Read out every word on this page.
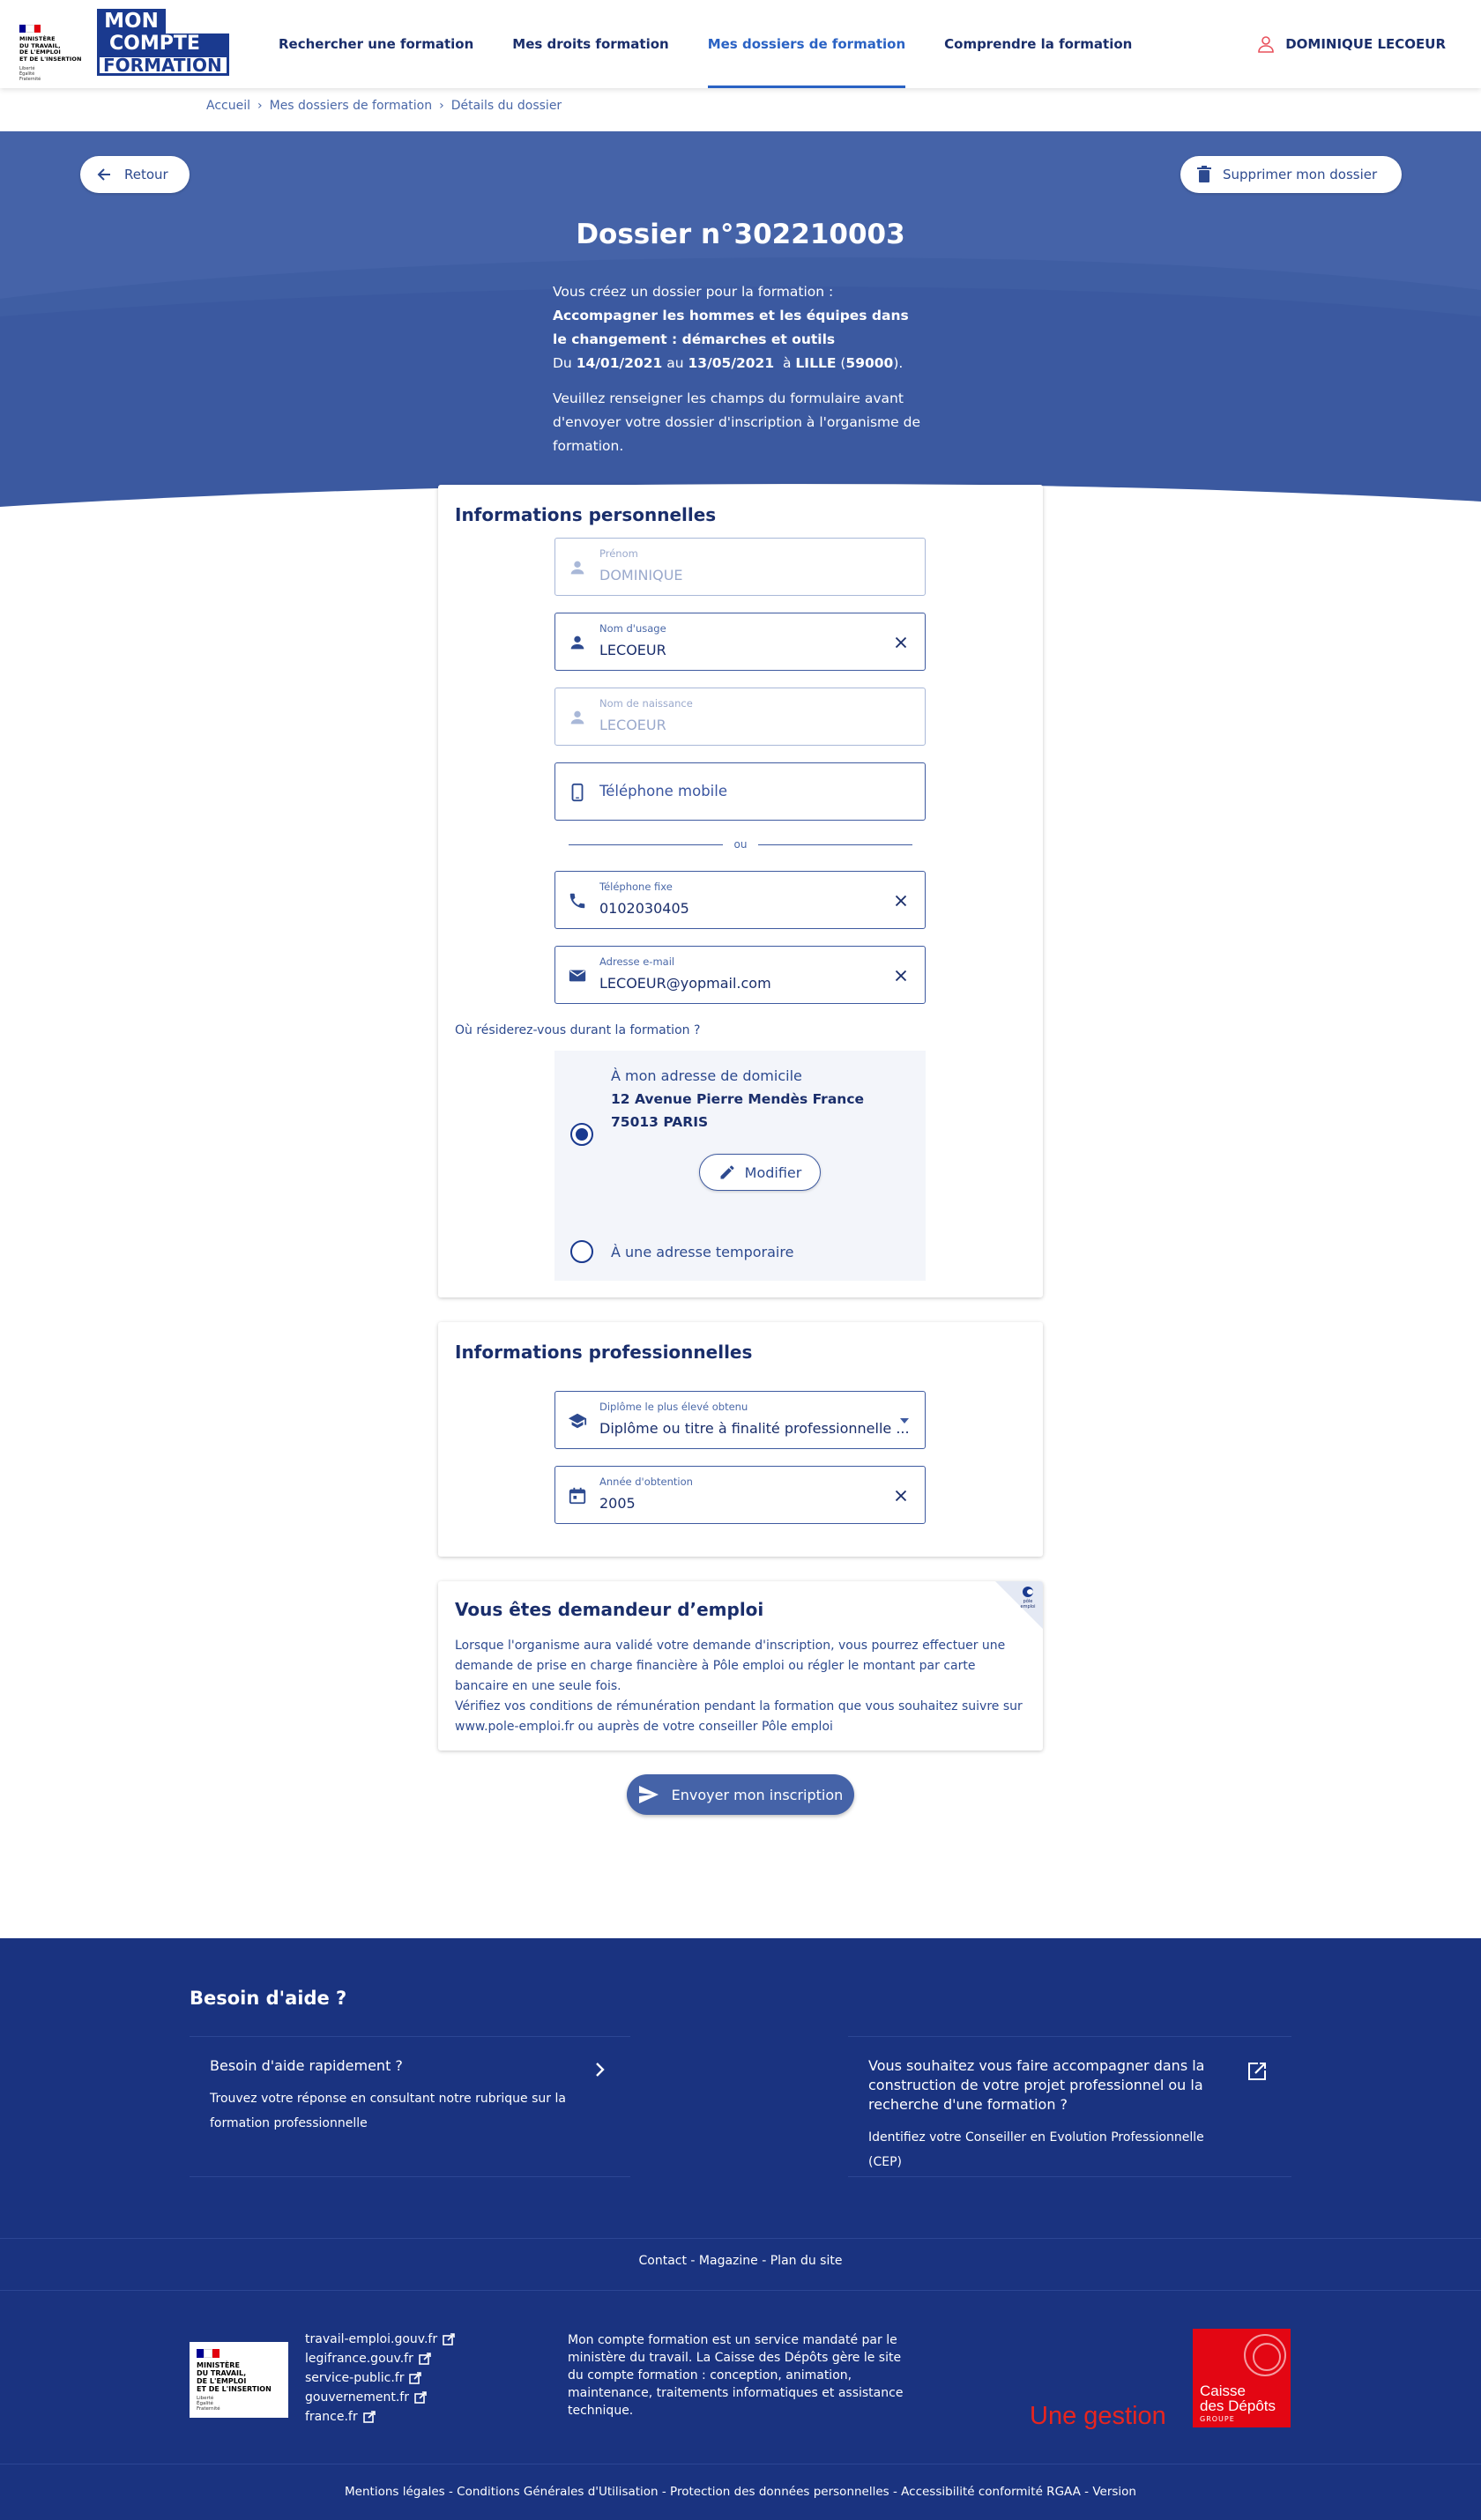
MINISTÈRE
DU TRAVAIL,
DE L'EMPLOI
ET DE L'INSERTION
Liberté
Égalité
Fraternité
MON
COMPTE
FORMATION
Rechercher une formation	Mes droits formation	Mes dossiers de formation	Comprendre la formation	DOMINIQUE LECOEUR
Accueil › Mes dossiers de formation › Détails du dossier
Retour	Supprimer mon dossier
Dossier n°302210003

Vous créez un dossier pour la formation :
Accompagner les hommes et les équipes dans le changement : démarches et outils
Du 14/01/2021 au 13/05/2021 à LILLE (59000).

Veuillez renseigner les champs du formulaire avant d'envoyer votre dossier d'inscription à l'organisme de formation.

Informations personnelles
Prénom
DOMINIQUE
Nom d'usage
LECOEUR
Nom de naissance
LECOEUR
Téléphone mobile
ou
Téléphone fixe
0102030405
Adresse e-mail
LECOEUR@yopmail.com
Où résiderez-vous durant la formation ?
À mon adresse de domicile
12 Avenue Pierre Mendès France
75013 PARIS
Modifier
À une adresse temporaire
Informations professionnelles
Diplôme le plus élevé obtenu
Diplôme ou titre à finalité professionnelle ...
Année d'obtention
2005
pôle emploi
Vous êtes demandeur d’emploi
Lorsque l'organisme aura validé votre demande d'inscription, vous pourrez effectuer une demande de prise en charge financière à Pôle emploi ou régler le montant par carte bancaire en une seule fois.
Vérifiez vos conditions de rémunération pendant la formation que vous souhaitez suivre sur www.pole-emploi.fr ou auprès de votre conseiller Pôle emploi
Envoyer mon inscription
Besoin d'aide ?
Besoin d'aide rapidement ?
Trouvez votre réponse en consultant notre rubrique sur la formation professionnelle
Vous souhaitez vous faire accompagner dans la construction de votre projet professionnel ou la recherche d'une formation ?
Identifiez votre Conseiller en Evolution Professionnelle (CEP)
Contact - Magazine - Plan du site
MINISTÈRE
DU TRAVAIL,
DE L'EMPLOI
ET DE L'INSERTION
Liberté
Égalité
Fraternité
travail-emploi.gouv.fr
legifrance.gouv.fr
service-public.fr
gouvernement.fr
france.fr
Mon compte formation est un service mandaté par le ministère du travail. La Caisse des Dépôts gère le site du compte formation : conception, animation, maintenance, traitements informatiques et assistance technique.	Une gestion
Caisse
des Dépôts
GROUPE
Mentions légales - Conditions Générales d'Utilisation - Protection des données personnelles - Accessibilité conformité RGAA - Version
